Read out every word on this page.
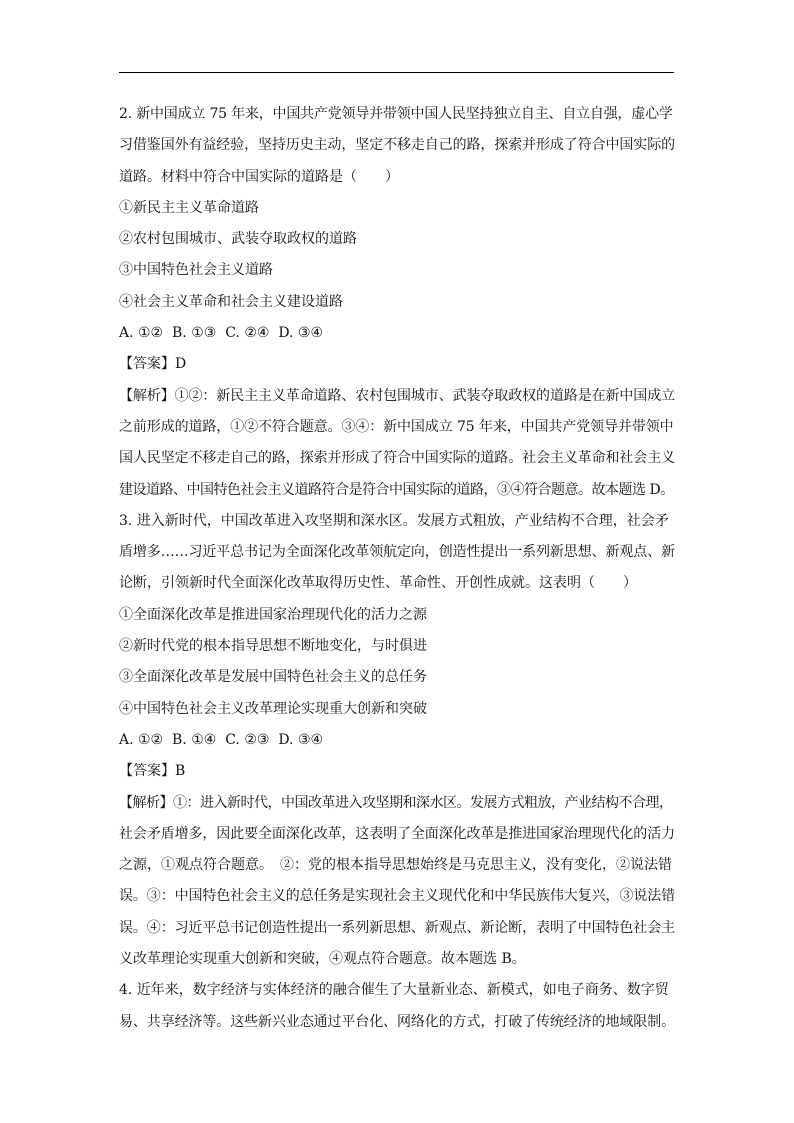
2. 新中国成立 75 年来，中国共产党领导并带领中国人民坚持独立自主、自立自强，虚心学
习借鉴国外有益经验，坚持历史主动，坚定不移走自己的路，探索并形成了符合中国实际的
道路。材料中符合中国实际的道路是（　　）
①新民主主义革命道路
②农村包围城市、武装夺取政权的道路
③中国特色社会主义道路
④社会主义革命和社会主义建设道路
A. ①②  B. ①③  C. ②④  D. ③④
【答案】D
【解析】①②：新民主主义革命道路、农村包围城市、武装夺取政权的道路是在新中国成立
之前形成的道路，①②不符合题意。③④：新中国成立 75 年来，中国共产党领导并带领中
国人民坚定不移走自己的路，探索并形成了符合中国实际的道路。社会主义革命和社会主义
建设道路、中国特色社会主义道路符合是符合中国实际的道路，③④符合题意。故本题选 D。
3. 进入新时代，中国改革进入攻坚期和深水区。发展方式粗放，产业结构不合理，社会矛
盾增多……习近平总书记为全面深化改革领航定向，创造性提出一系列新思想、新观点、新
论断，引领新时代全面深化改革取得历史性、革命性、开创性成就。这表明（　　）
①全面深化改革是推进国家治理现代化的活力之源
②新时代党的根本指导思想不断地变化，与时俱进
③全面深化改革是发展中国特色社会主义的总任务
④中国特色社会主义改革理论实现重大创新和突破
A. ①②  B. ①④  C. ②③  D. ③④
【答案】B
【解析】①：进入新时代，中国改革进入攻坚期和深水区。发展方式粗放，产业结构不合理，
社会矛盾增多，因此要全面深化改革，这表明了全面深化改革是推进国家治理现代化的活力
之源，①观点符合题意。　②：党的根本指导思想始终是马克思主义，没有变化，②说法错
误。③：中国特色社会主义的总任务是实现社会主义现代化和中华民族伟大复兴，③说法错
误。④：习近平总书记创造性提出一系列新思想、新观点、新论断，表明了中国特色社会主
义改革理论实现重大创新和突破，④观点符合题意。故本题选 B。
4. 近年来，数字经济与实体经济的融合催生了大量新业态、新模式，如电子商务、数字贸
易、共享经济等。这些新兴业态通过平台化、网络化的方式，打破了传统经济的地域限制。
